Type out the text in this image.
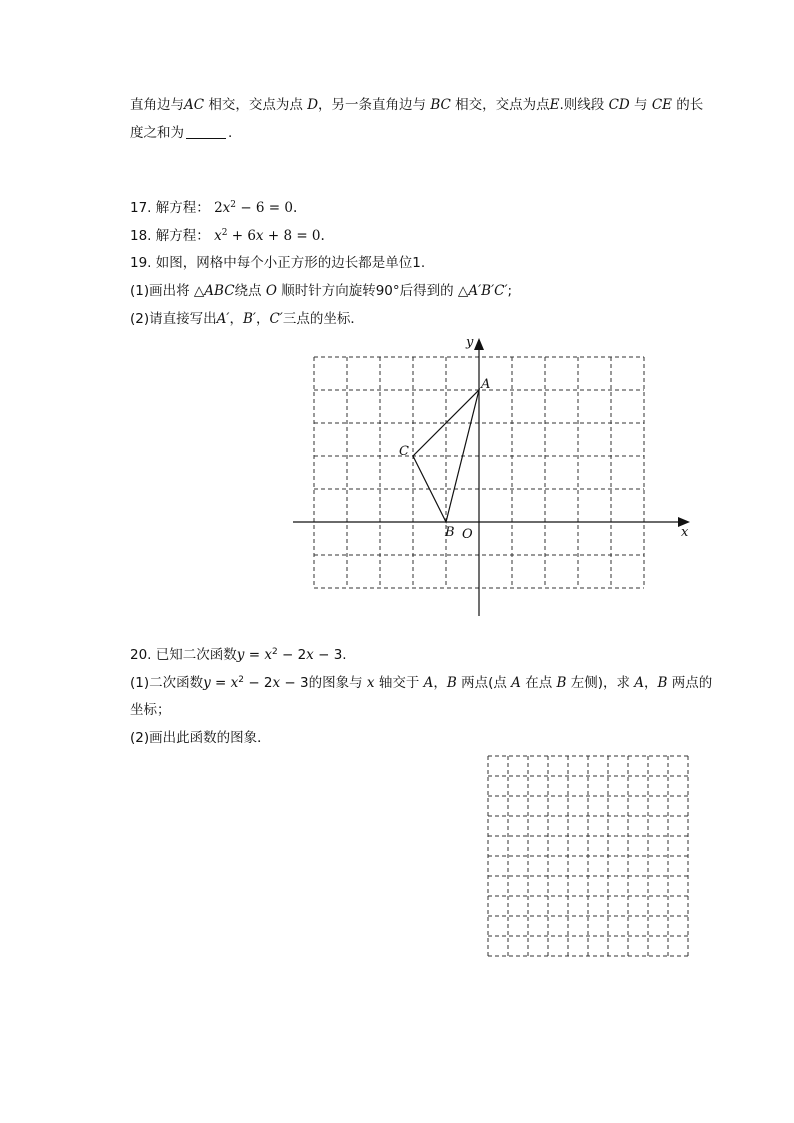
直角边与AC 相交，交点为点 D，另一条直角边与 BC 相交，交点为点E.则线段 CD 与 CE 的长
度之和为	.
17. 解方程： $2x^2 - 6 = 0$.
18. 解方程： $x^2 + 6x + 8 = 0$.
19. 如图，网格中每个小正方形的边长都是单位1.
(1)画出将 △ABC绕点 O 顺时针方向旋转90°后得到的 △A′B′C′;
(2)请直接写出A′，B′，C′三点的坐标．
A
B
C
O	x
y
20. 已知二次函数$y = x^2 - 2x - 3$.
(1)二次函数$y = x^2 - 2x - 3$的图象与 x 轴交于 A，B 两点(点 A 在点 B 左侧)，求 A，B 两点的
坐标；
(2)画出此函数的图象．
